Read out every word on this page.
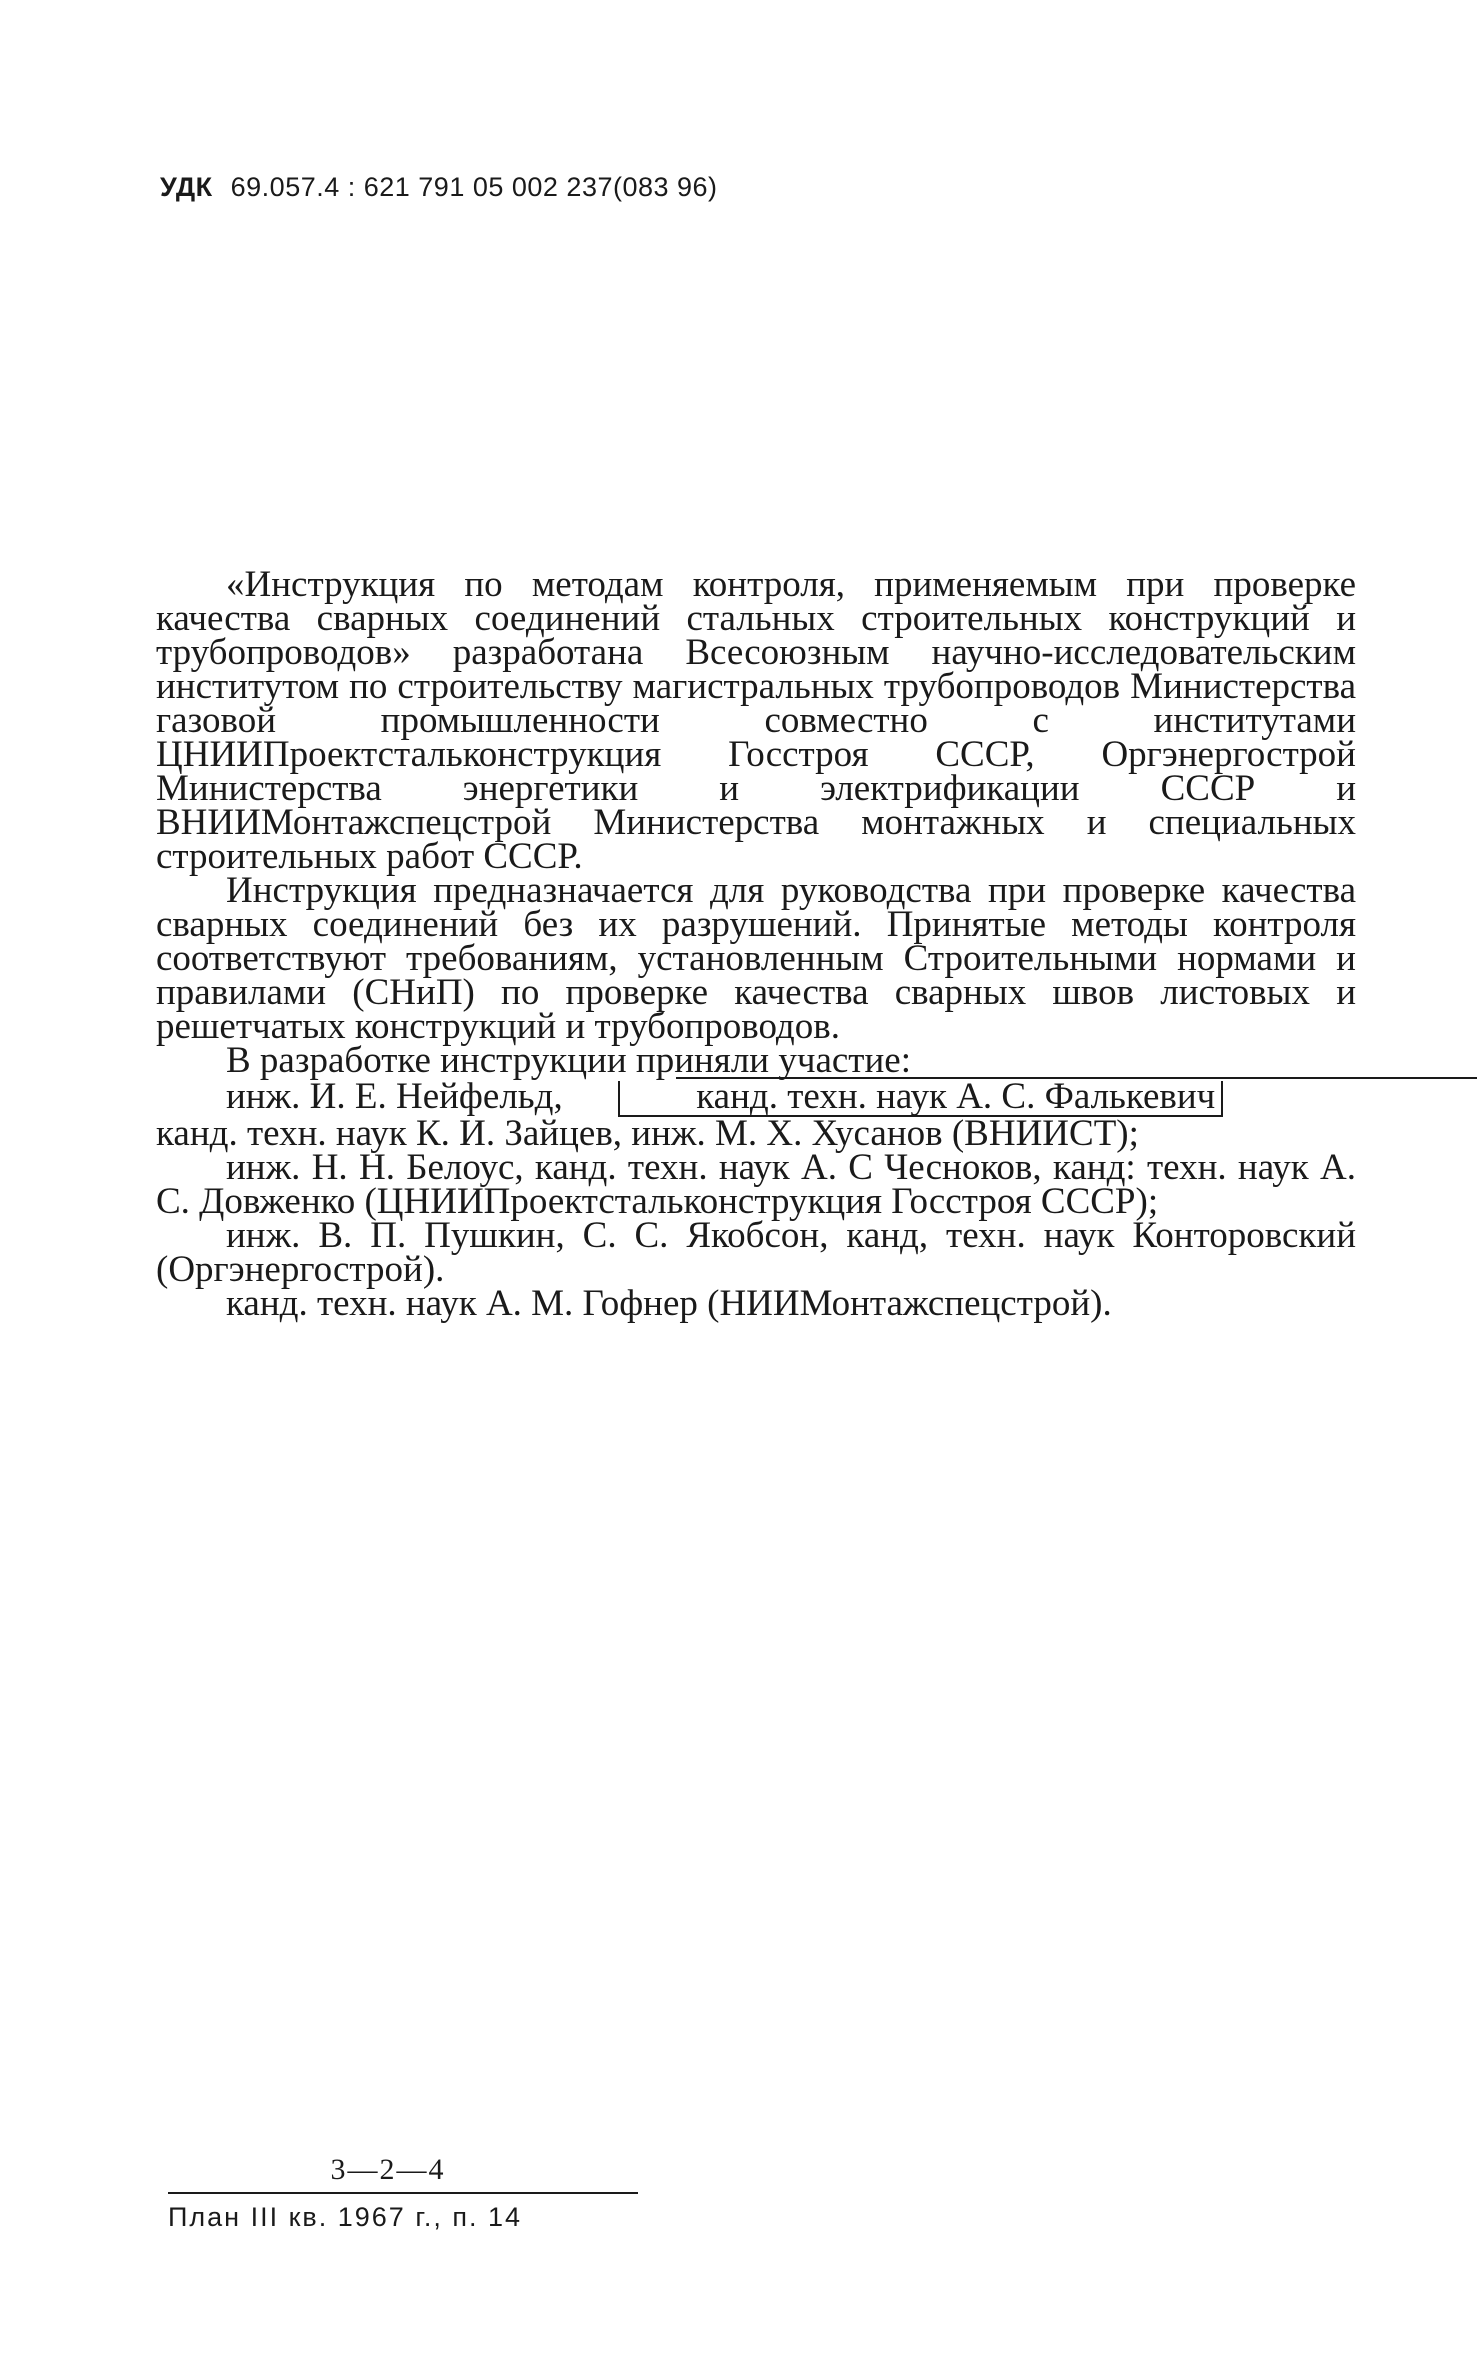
УДК 69.057.4 : 621 791 05 002 237(083 96)

«Инструкция по методам контроля, применяемым при проверке качества сварных соединений стальных строительных конструкций и трубопроводов» разработана Всесоюзным научно-исследовательским институтом по строительству магистральных трубопроводов Министерства газовой промышленности совместно с институтами ЦНИИПроектстальконструкция Госстроя СССР, Оргэнергострой Министерства энергетики и электрификации СССР и ВНИИМонтажспецстрой Министерства монтажных и специальных строительных работ СССР.

Инструкция предназначается для руководства при проверке качества сварных соединений без их разрушений. Принятые методы контроля соответствуют требованиям, установленным Строительными нормами и правилами (СНиП) по проверке качества сварных швов листовых и решетчатых конструкций и трубопроводов.

В разработке инструкции приняли участие:

инж. И. Е. Нейфельд,	канд. техн. наук А. С. Фалькевич

канд. техн. наук К. И. Зайцев, инж. М. Х. Хусанов (ВНИИСТ);

инж. Н. Н. Белоус, канд. техн. наук А. С Чесноков, канд: техн. наук А. С. Довженко (ЦНИИПроектстальконструкция Госстроя СССР);

инж. В. П. Пушкин, С. С. Якобсон, канд, техн. наук Конторовский (Оргэнергострой).

канд. техн. наук А. М. Гофнер (НИИМонтажспецстрой).

3—2—4
План III кв. 1967 г., п. 14
